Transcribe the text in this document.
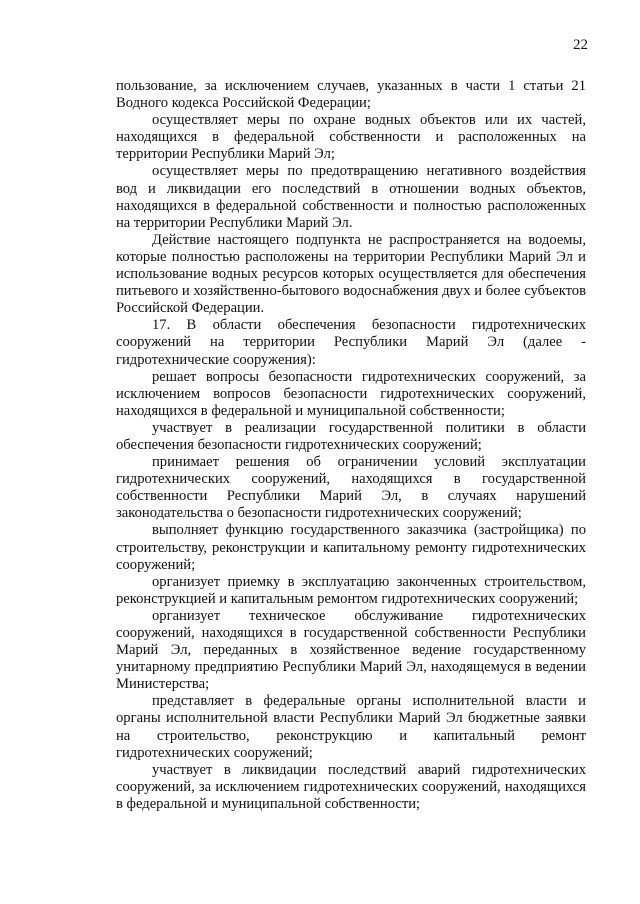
22

пользование, за исключением случаев, указанных в части 1 статьи 21 Водного кодекса Российской Федерации;

осуществляет меры по охране водных объектов или их частей, находящихся в федеральной собственности и расположенных на территории Республики Марий Эл;

осуществляет меры по предотвращению негативного воздействия вод и ликвидации его последствий в отношении водных объектов, находящихся в федеральной собственности и полностью расположенных на территории Республики Марий Эл.

Действие настоящего подпункта не распространяется на водоемы, которые полностью расположены на территории Республики Марий Эл и использование водных ресурсов которых осуществляется для обеспечения питьевого и хозяйственно-бытового водоснабжения двух и более субъектов Российской Федерации.

17. В области обеспечения безопасности гидротехнических сооружений на территории Республики Марий Эл (далее - гидротехнические сооружения):

решает вопросы безопасности гидротехнических сооружений, за исключением вопросов безопасности гидротехнических сооружений, находящихся в федеральной и муниципальной собственности;

участвует в реализации государственной политики в области обеспечения безопасности гидротехнических сооружений;

принимает решения об ограничении условий эксплуатации гидротехнических сооружений, находящихся в государственной собственности Республики Марий Эл, в случаях нарушений законодательства о безопасности гидротехнических сооружений;

выполняет функцию государственного заказчика (застройщика) по строительству, реконструкции и капитальному ремонту гидротехнических сооружений;

организует приемку в эксплуатацию законченных строительством, реконструкцией и капитальным ремонтом гидротехнических сооружений;

организует техническое обслуживание гидротехнических сооружений, находящихся в государственной собственности Республики Марий Эл, переданных в хозяйственное ведение государственному унитарному предприятию Республики Марий Эл, находящемуся в ведении Министерства;

представляет в федеральные органы исполнительной власти и органы исполнительной власти Республики Марий Эл бюджетные заявки на строительство, реконструкцию и капитальный ремонт гидротехнических сооружений;

участвует в ликвидации последствий аварий гидротехнических сооружений, за исключением гидротехнических сооружений, находящихся в федеральной и муниципальной собственности;
